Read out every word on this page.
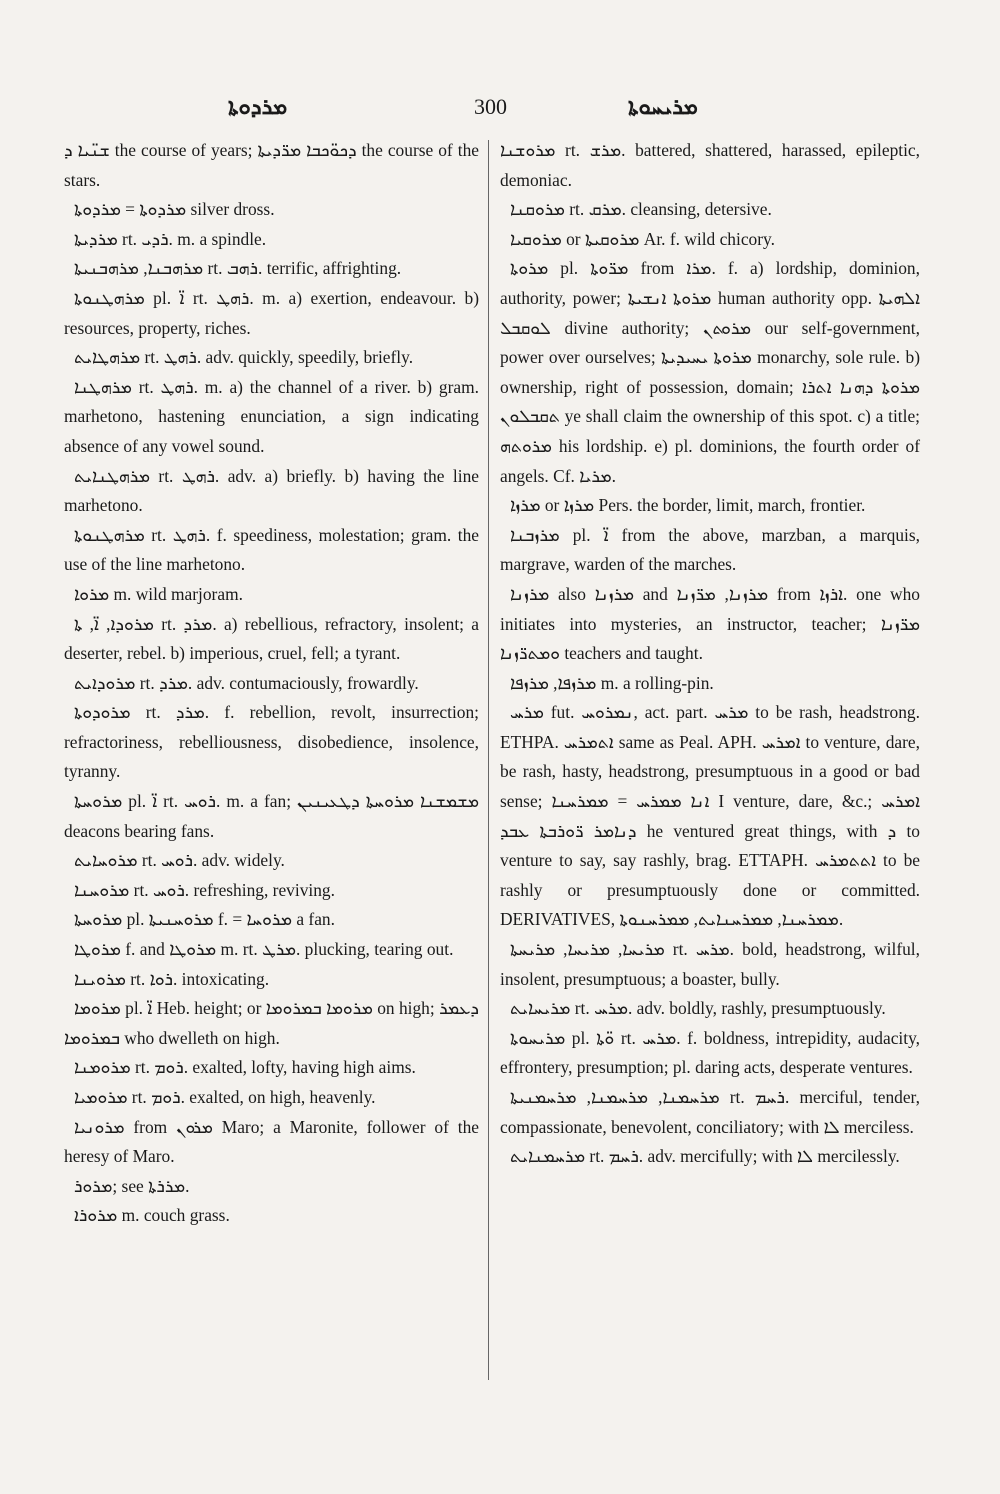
ܡܪܕܘܬܐ	300	ܡܪܝܚܘܬܐ

ܫܢ̈ܝܐ ܕ the course of years; ܕܟܘ̈ܟܒܐ ܡܪ̈ܕܝܬܐ the course of the stars.

ܡܪܕܘܬܐ = ܡܪܕܘܬܐ silver dross.

ܡܪܕܝܬܐ rt. ܪܕܝ. m. a spindle.

ܡܪܗܒܢܐ, ܡܪܗܒܢܝܬܐ rt. ܪܗܒ. terrific, affrighting.

ܡܪܗܛܢܘܬܐ pl. ܐ̈ rt. ܪܗܛ. m. a) exertion, endeavour. b) resources, property, riches.

ܡܪܗܛܐܝܬ rt. ܪܗܛ. adv. quickly, speedily, briefly.

ܡܪܗܛܢܐ rt. ܪܗܛ. m. a) the channel of a river. b) gram. marhetono, hastening enunciation, a sign indicating absence of any vowel sound.

ܡܪܗܛܢܐܝܬ rt. ܪܗܛ. adv. a) briefly. b) having the line marhetono.

ܡܪܗܛܢܘܬܐ rt. ܪܗܛ. f. speediness, molestation; gram. the use of the line marhetono.

ܡܪܘܐ m. wild marjoram.

ܡܪܘܕܐ, ܐ̈, ܬܐ rt. ܡܪܕ. a) rebellious, refractory, insolent; a deserter, rebel. b) imperious, cruel, fell; a tyrant.

ܡܪܘܕܐܝܬ rt. ܡܪܕ. adv. contumaciously, frowardly.

ܡܪܘܕܘܬܐ rt. ܡܪܕ. f. rebellion, revolt, insurrection; refractoriness, rebelliousness, disobedience, insolence, tyranny.

ܡܪܘܚܬܐ pl. ܐ̈ rt. ܪܘܚ. m. a fan; ܡܫܡܫܢܐ ܡܪܘܚܬܐ ܕܛܥܝܢܝܢ deacons bearing fans.

ܡܪܘܚܐܝܬ rt. ܪܘܚ. adv. widely.

ܡܪܘܚܢܐ rt. ܪܘܚ. refreshing, reviving.

ܡܪܘܚܬܐ pl. ܡܪܘܚܢܝܬܐ f. = ܡܪܘܚܐ a fan.

ܡܪܘܛܐ f. and ܡܪܘܛܐ m. rt. ܡܪܛ. plucking, tearing out.

ܡܪܘܝܢܐ rt. ܪܘܐ. intoxicating.

ܡܪܘܡܐ pl. ܐ̈ Heb. height; or ܡܪܘܡܐ ܒܡܪܘܡܐ on high; ܕܥܡܪ ܒܡܪܘܡܐ who dwelleth on high.

ܡܪܘܡܢܐ rt. ܪܘܡ. exalted, lofty, having high aims.

ܡܪܘܡܝܐ rt. ܪܘܡ. exalted, on high, heavenly.

ܡܪܘܢܝܐ from ܡܪܘܢ Maro; a Maronite, follower of the heresy of Maro.

ܡܪܘܪ; see ܡܪܪܬܐ.

ܡܪܘܪܐ m. couch grass.

ܡܪܘܫܢܐ rt. ܡܪܫ. battered, shattered, harassed, epileptic, demoniac.

ܡܪܘܩܢܐ rt. ܡܪܩ. cleansing, detersive.

ܡܪܘܩܝܐ or ܡܪܘܩܝܬܐ Ar. f. wild chicory.

ܡܪܘܬܐ pl. ܡܪ̈ܘܬܐ from ܡܪܐ. f. a) lordship, dominion, authority, power; ܡܪܘܬܐ ܐܢܫܝܬܐ human authority opp. ܐܠܗܝܬܐ ܠܘܩܒܠ divine authority; ܡܪܘܬܢ our self-government, power over ourselves; ܡܪܘܬܐ ܝܚܝܕܝܬܐ monarchy, sole rule. b) ownership, right of possession, domain; ܡܪܘܬܐ ܕܗܢܐ ܐܬܪܐ ܬܩܒܠܘܢ ye shall claim the ownership of this spot. c) a title; ܡܪܘܬܗ his lordship. e) pl. dominions, the fourth order of angels. Cf. ܡܪܝܐ.

ܡܪܙܐ or ܡܪܙܐ Pers. the border, limit, march, frontier.

ܡܪܙܒܢܐ pl. ܐ̈ from the above, marzban, a marquis, margrave, warden of the marches.

ܡܪܙܢܐ also ܡܪܙܢܐ and ܡܪܙܢܐ, ܡܪ̈ܙܢܐ from ܐܪܙܐ. one who initiates into mysteries, an instructor, teacher; ܡܪ̈ܙܢܐ ܘܡܬܪ̈ܙܢܐ teachers and taught.

ܡܪܙܦܐ, ܡܪܙܦܐ m. a rolling-pin.

ܡܪܚ fut. ܢܡܪܘܚ, act. part. ܡܪܚ to be rash, headstrong. ETHPA. ܐܬܡܪܚ same as Peal. APH. ܐܡܪܚ to venture, dare, be rash, hasty, headstrong, presumptuous in a good or bad sense; ܐܢܐ ܡܡܪܚ = ܡܡܪܚܢܐ I venture, dare, &c.; ܐܡܪܚ ܕܢܐܡܪ ܪ̈ܘܪܒܬܐ ܥܒܕ he ventured great things, with ܕ to venture to say, say rashly, brag. ETTAPH. ܐܬܬܡܪܚ to be rashly or presumptuously done or committed. DERIVATIVES, ܡܡܪܚܢܐ, ܡܡܪܚܢܐܝܬ, ܡܡܪܚܢܘܬܐ.

ܡܪܝܚܐ, ܡܪܝܚܐ, ܡܪܝܚܬܐ rt. ܡܪܚ. bold, headstrong, wilful, insolent, presumptuous; a boaster, bully.

ܡܪܝܚܐܝܬ rt. ܡܪܚ. adv. boldly, rashly, presumptuously.

ܡܪܝܚܘܬܐ pl. ܘ̈ܬܐ rt. ܡܪܚ. f. boldness, intrepidity, audacity, effrontery, presumption; pl. daring acts, desperate ventures.

ܡܪܚܡܢܐ, ܡܪܚܡܢܐ, ܡܪܚܡܢܝܬܐ rt. ܪܚܡ. merciful, tender, compassionate, benevolent, conciliatory; with ܠܐ merciless.

ܡܪܚܡܢܐܝܬ rt. ܪܚܡ. adv. mercifully; with ܠܐ mercilessly.
